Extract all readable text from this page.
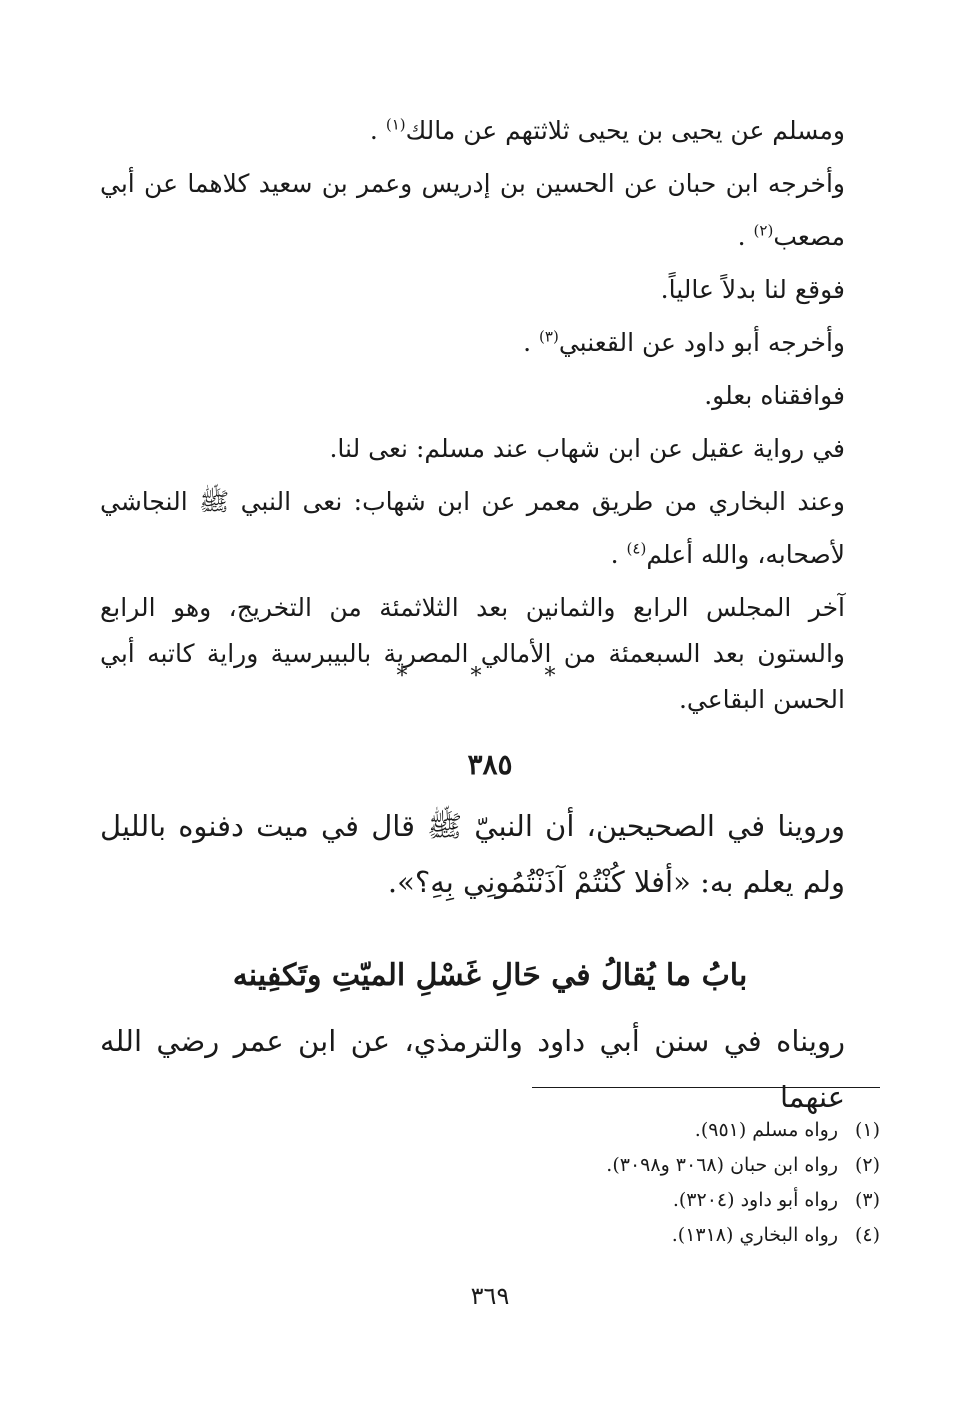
ومسلم عن يحيى بن يحيى ثلاثتهم عن مالك$^{(١)}$ .

وأخرجه ابن حبان عن الحسين بن إدريس وعمر بن سعيد كلاهما عن أبي مصعب$^{(٢)}$ .

فوقع لنا بدلاً عالياً.

وأخرجه أبو داود عن القعنبي$^{(٣)}$ .

فوافقناه بعلو.

في رواية عقيل عن ابن شهاب عند مسلم: نعى لنا.

وعند البخاري من طريق معمر عن ابن شهاب: نعى النبي ﷺ النجاشي لأصحابه، والله أعلم$^{(٤)}$ .

آخر المجلس الرابع والثمانين بعد الثلاثمئة من التخريج، وهو الرابع والستون بعد السبعمئة من الأمالي المصرية بالبيبرسية وراية كاتبه أبي الحسن البقاعي.

* * *
٣٨٥

وروينا في الصحيحين، أن النبيّ ﷺ قال في ميت دفنوه بالليل ولم يعلم به: «أفلا كُنْتُمْ آذَنْتُمُونِي بِهِ؟».

بابُ ما يُقالُ في حَالِ غَسْلِ الميّتِ وتَكفِينه

رويناه في سنن أبي داود والترمذي، عن ابن عمر رضي الله عنهما

(١)
رواه مسلم (٩٥١).
(٢)
رواه ابن حبان (٣٠٦٨ و٣٠٩٨).
(٣)
رواه أبو داود (٣٢٠٤).
(٤)
رواه البخاري (١٣١٨).
٣٦٩
